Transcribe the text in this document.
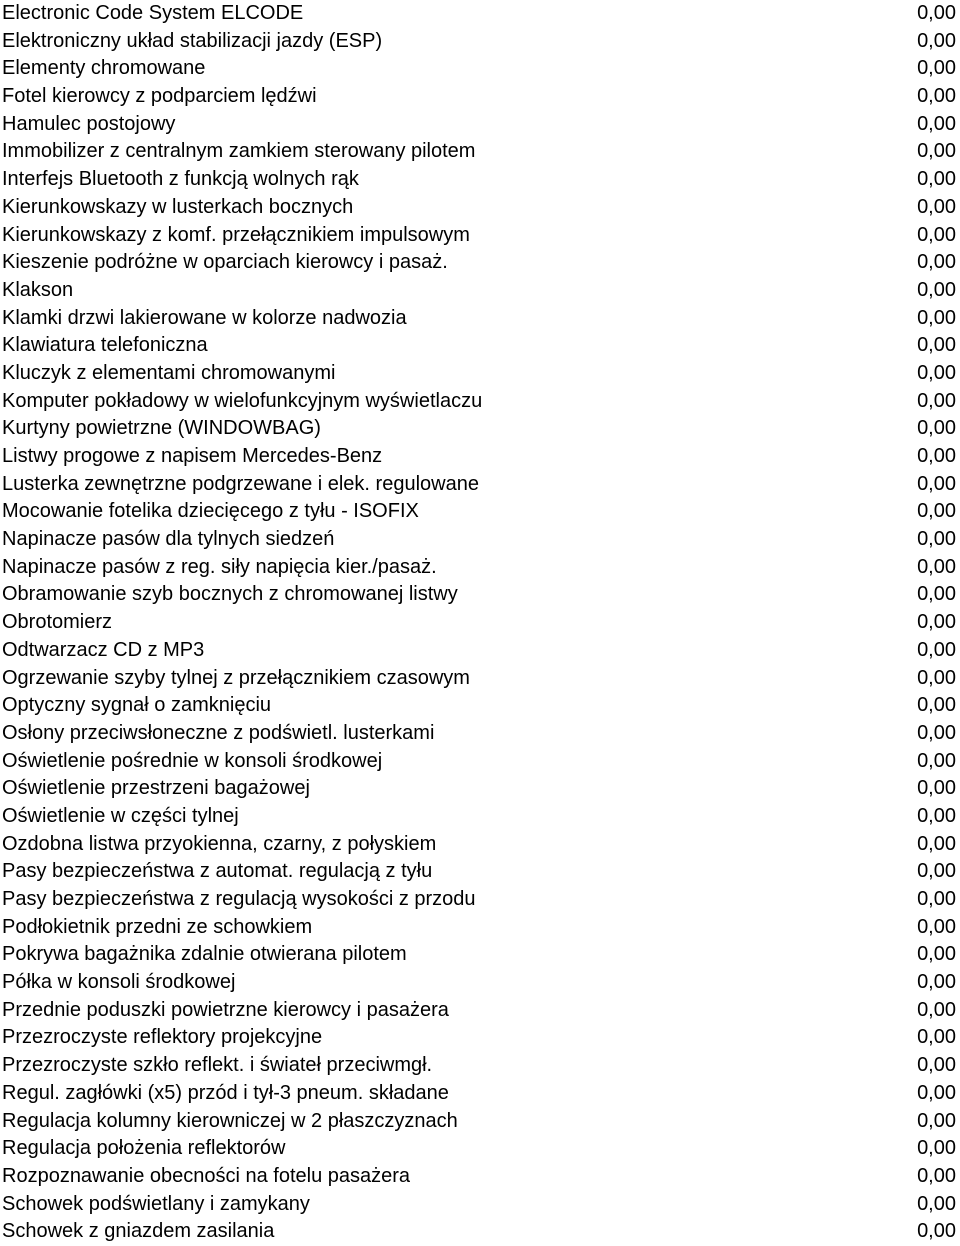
Electronic Code System ELCODE	0,00
Elektroniczny układ stabilizacji jazdy (ESP)	0,00
Elementy chromowane	0,00
Fotel kierowcy z podparciem lędźwi	0,00
Hamulec postojowy	0,00
Immobilizer z centralnym zamkiem sterowany pilotem	0,00
Interfejs Bluetooth z funkcją wolnych rąk	0,00
Kierunkowskazy w lusterkach bocznych	0,00
Kierunkowskazy z komf. przełącznikiem impulsowym	0,00
Kieszenie podróżne w oparciach kierowcy i pasaż.	0,00
Klakson	0,00
Klamki drzwi lakierowane w kolorze nadwozia	0,00
Klawiatura telefoniczna	0,00
Kluczyk z elementami chromowanymi	0,00
Komputer pokładowy w wielofunkcyjnym wyświetlaczu	0,00
Kurtyny powietrzne (WINDOWBAG)	0,00
Listwy progowe z napisem Mercedes-Benz	0,00
Lusterka zewnętrzne podgrzewane i elek. regulowane	0,00
Mocowanie fotelika dziecięcego z tyłu - ISOFIX	0,00
Napinacze pasów dla tylnych siedzeń	0,00
Napinacze pasów z reg. siły napięcia kier./pasaż.	0,00
Obramowanie szyb bocznych z chromowanej listwy	0,00
Obrotomierz	0,00
Odtwarzacz CD z MP3	0,00
Ogrzewanie szyby tylnej z przełącznikiem czasowym	0,00
Optyczny sygnał o zamknięciu	0,00
Osłony przeciwsłoneczne z podświetl. lusterkami	0,00
Oświetlenie pośrednie w konsoli środkowej	0,00
Oświetlenie przestrzeni bagażowej	0,00
Oświetlenie w części tylnej	0,00
Ozdobna listwa przyokienna, czarny, z połyskiem	0,00
Pasy bezpieczeństwa z automat. regulacją z tyłu	0,00
Pasy bezpieczeństwa z regulacją wysokości z przodu	0,00
Podłokietnik przedni ze schowkiem	0,00
Pokrywa bagażnika zdalnie otwierana pilotem	0,00
Półka w konsoli środkowej	0,00
Przednie poduszki powietrzne kierowcy i pasażera	0,00
Przezroczyste reflektory projekcyjne	0,00
Przezroczyste szkło reflekt. i świateł przeciwmgł.	0,00
Regul. zagłówki (x5) przód i tył-3 pneum. składane	0,00
Regulacja kolumny kierowniczej w 2 płaszczyznach	0,00
Regulacja położenia reflektorów	0,00
Rozpoznawanie obecności na fotelu pasażera	0,00
Schowek podświetlany i zamykany	0,00
Schowek z gniazdem zasilania	0,00
